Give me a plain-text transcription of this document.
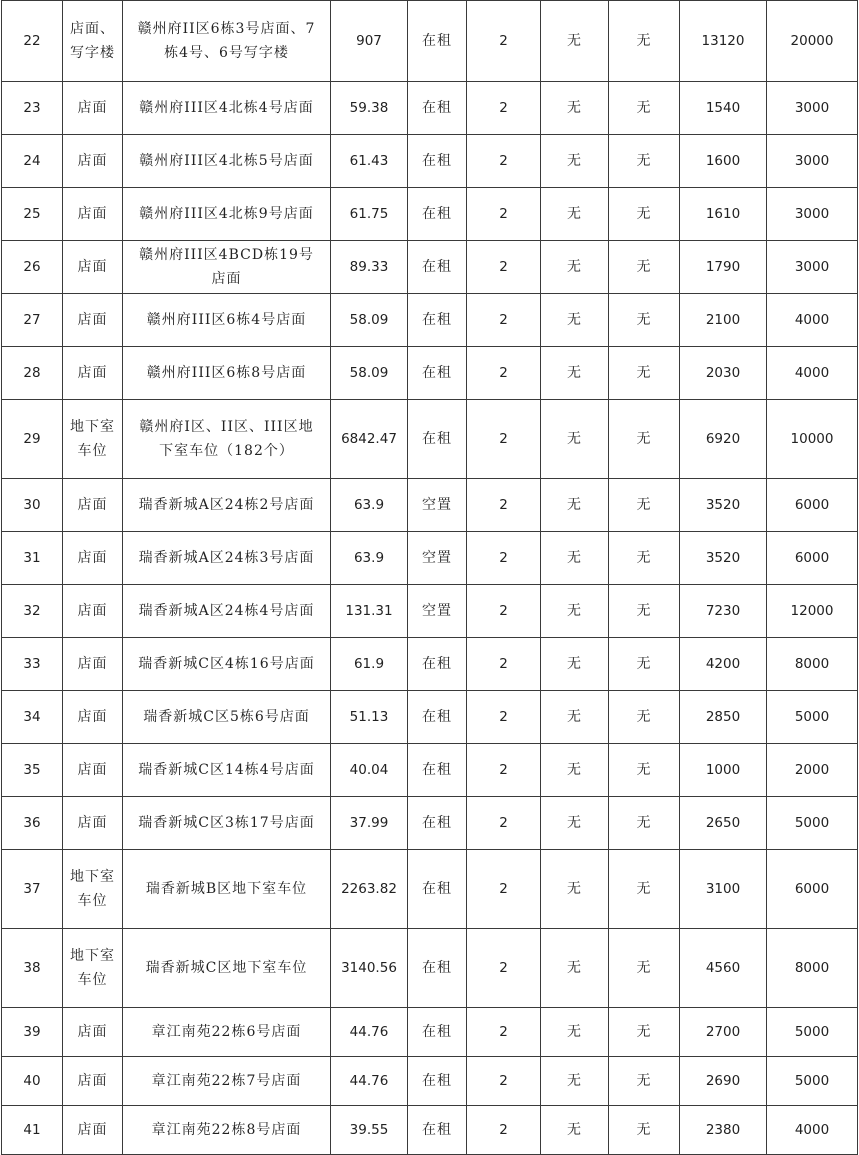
22	店面、写字楼	赣州府II区6栋3号店面、7栋4号、6号写字楼	907	在租	2	无	无	13120	20000
23	店面	赣州府III区4北栋4号店面	59.38	在租	2	无	无	1540	3000
24	店面	赣州府III区4北栋5号店面	61.43	在租	2	无	无	1600	3000
25	店面	赣州府III区4北栋9号店面	61.75	在租	2	无	无	1610	3000
26	店面	赣州府III区4BCD栋19号店面	89.33	在租	2	无	无	1790	3000
27	店面	赣州府III区6栋4号店面	58.09	在租	2	无	无	2100	4000
28	店面	赣州府III区6栋8号店面	58.09	在租	2	无	无	2030	4000
29	地下室车位	赣州府I区、II区、III区地下室车位（182个）	6842.47	在租	2	无	无	6920	10000
30	店面	瑞香新城A区24栋2号店面	63.9	空置	2	无	无	3520	6000
31	店面	瑞香新城A区24栋3号店面	63.9	空置	2	无	无	3520	6000
32	店面	瑞香新城A区24栋4号店面	131.31	空置	2	无	无	7230	12000
33	店面	瑞香新城C区4栋16号店面	61.9	在租	2	无	无	4200	8000
34	店面	瑞香新城C区5栋6号店面	51.13	在租	2	无	无	2850	5000
35	店面	瑞香新城C区14栋4号店面	40.04	在租	2	无	无	1000	2000
36	店面	瑞香新城C区3栋17号店面	37.99	在租	2	无	无	2650	5000
37	地下室车位	瑞香新城B区地下室车位	2263.82	在租	2	无	无	3100	6000
38	地下室车位	瑞香新城C区地下室车位	3140.56	在租	2	无	无	4560	8000
39	店面	章江南苑22栋6号店面	44.76	在租	2	无	无	2700	5000
40	店面	章江南苑22栋7号店面	44.76	在租	2	无	无	2690	5000
41	店面	章江南苑22栋8号店面	39.55	在租	2	无	无	2380	4000
